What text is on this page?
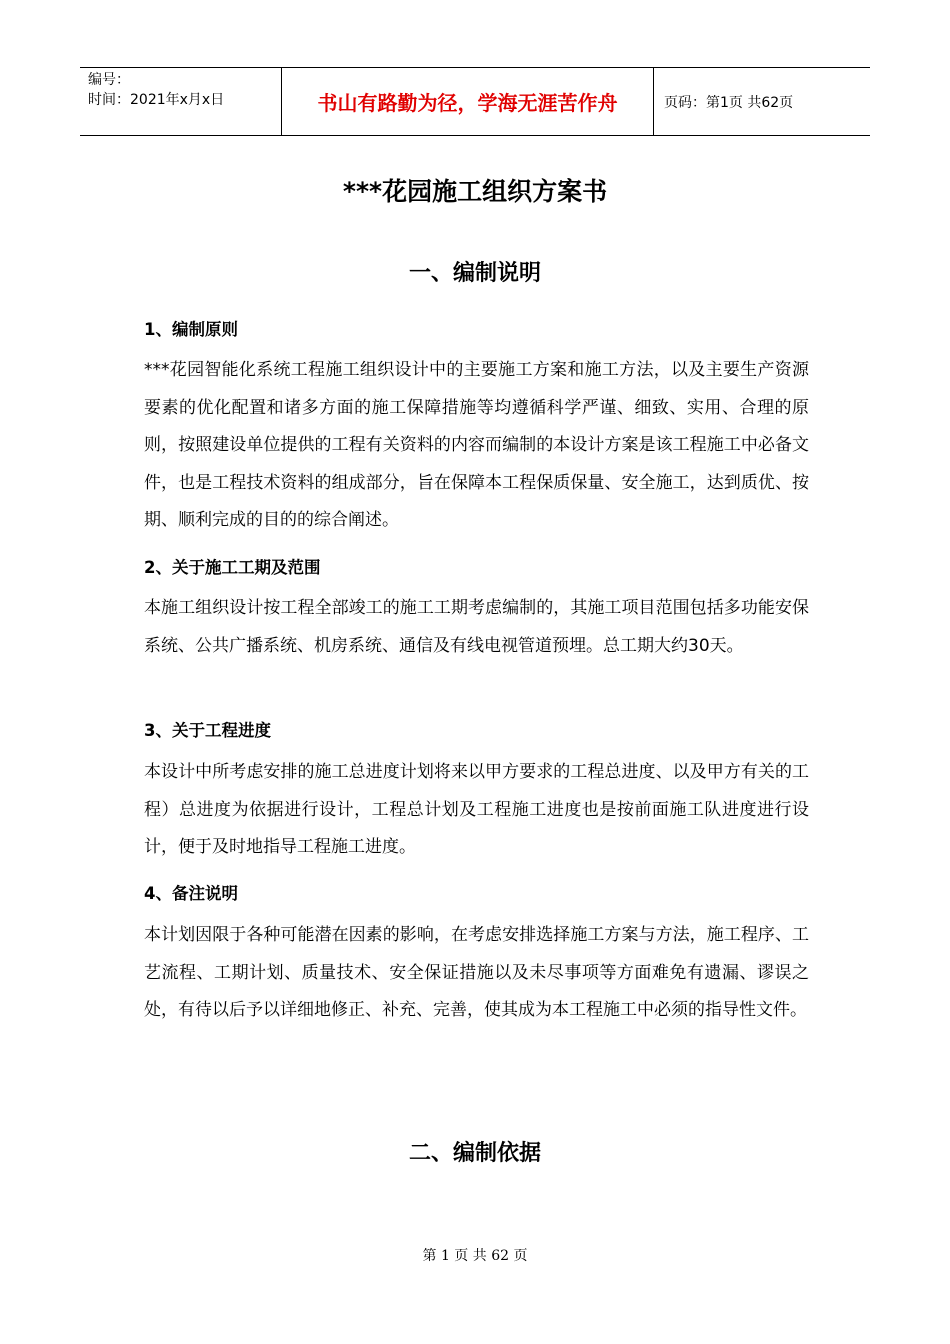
编号：
时间：2021年x月x日	书山有路勤为径，学海无涯苦作舟	页码：第1页 共62页
***花园施工组织方案书
一、编制说明
1、编制原则

***花园智能化系统工程施工组织设计中的主要施工方案和施工方法，以及主要生产资源要素的优化配置和诸多方面的施工保障措施等均遵循科学严谨、细致、实用、合理的原则，按照建设单位提供的工程有关资料的内容而编制的本设计方案是该工程施工中必备文件，也是工程技术资料的组成部分，旨在保障本工程保质保量、安全施工，达到质优、按期、顺利完成的目的的综合阐述。

2、关于施工工期及范围

本施工组织设计按工程全部竣工的施工工期考虑编制的，其施工项目范围包括多功能安保系统、公共广播系统、机房系统、通信及有线电视管道预埋。总工期大约30天。

3、关于工程进度

本设计中所考虑安排的施工总进度计划将来以甲方要求的工程总进度、以及甲方有关的工程）总进度为依据进行设计，工程总计划及工程施工进度也是按前面施工队进度进行设计，便于及时地指导工程施工进度。

4、备注说明

本计划因限于各种可能潜在因素的影响，在考虑安排选择施工方案与方法，施工程序、工艺流程、工期计划、质量技术、安全保证措施以及未尽事项等方面难免有遗漏、谬误之处，有待以后予以详细地修正、补充、完善，使其成为本工程施工中必须的指导性文件。

二、编制依据
第 1 页 共 62 页
